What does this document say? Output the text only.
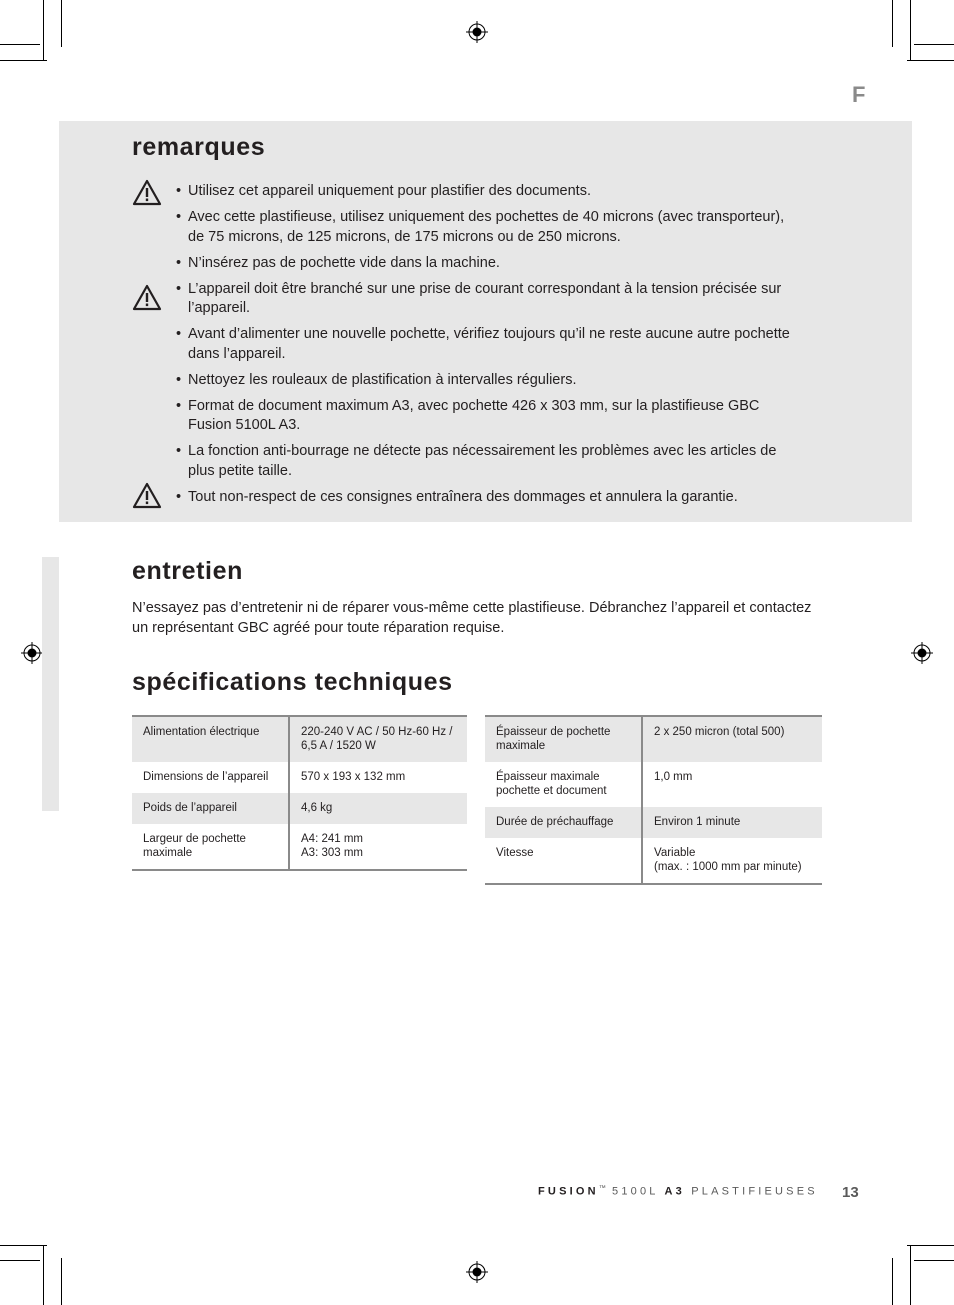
F
remarques
• Utilisez cet appareil uniquement pour plastifier des documents.
• Avec cette plastifieuse, utilisez uniquement des pochettes de 40 microns (avec transporteur), de 75 microns, de 125 microns, de 175 microns ou de 250 microns.
• N’insérez pas de pochette vide dans la machine.
• L’appareil doit être branché sur une prise de courant correspondant à la tension précisée sur l’appareil.
• Avant d’alimenter une nouvelle pochette, vérifiez toujours qu’il ne reste aucune autre pochette dans l’appareil.
• Nettoyez les rouleaux de plastification à intervalles réguliers.
• Format de document maximum A3, avec pochette 426 x 303 mm, sur la plastifieuse GBC Fusion 5100L A3.
• La fonction anti-bourrage ne détecte pas nécessairement les problèmes avec les articles de plus petite taille.
• Tout non-respect de ces consignes entraînera des dommages et annulera la garantie.
entretien

N’essayez pas d’entretenir ni de réparer vous-même cette plastifieuse. Débranchez l’appareil et contactez un représentant GBC agréé pour toute réparation requise.

spécifications techniques
Alimentation électrique	220-240 V AC / 50 Hz-60 Hz / 6,5 A / 1520 W
Dimensions de l’appareil	570 x 193 x 132 mm
Poids de l’appareil	4,6 kg
Largeur de pochette maximale	A4: 241 mm
A3: 303 mm
Épaisseur de pochette maximale	2 x 250 micron (total 500)
Épaisseur maximale pochette et document	1,0 mm
Durée de préchauffage	Environ 1 minute
Vitesse	Variable
(max. : 1000 mm par minute)
FUSION™ 5100L A3 PLASTIFIEUSES 13
